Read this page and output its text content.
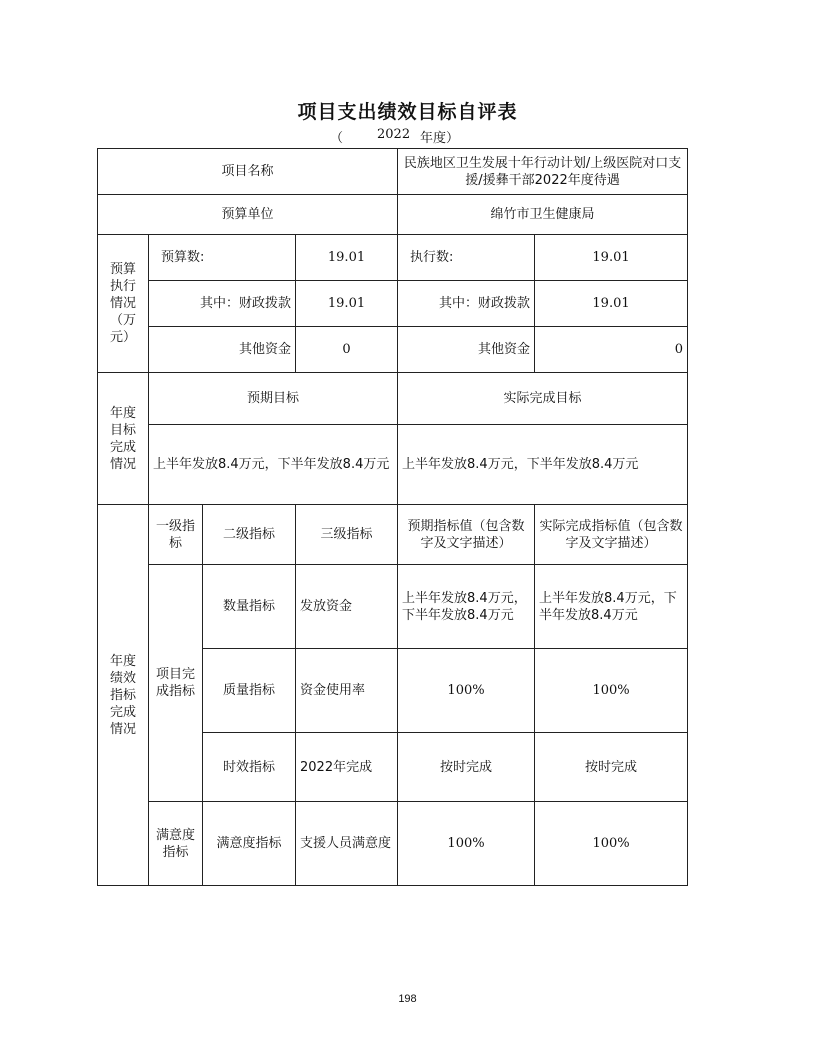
项目支出绩效目标自评表
（	2022 年度）
项目名称				民族地区卫生发展十年行动计划/上级医院对口支援/援彝干部2022年度待遇	
预算单位				绵竹市卫生健康局	
预算执行情况（万元）	预算数:		19.01	执行数:	19.01
	其中：财政拨款		19.01	其中：财政拨款	19.01
	其他资金		0	其他资金	0
年度目标完成情况	预期目标			实际完成目标	
	上半年发放8.4万元，下半年发放8.4万元			上半年发放8.4万元，下半年发放8.4万元	
年度绩效指标完成情况	一级指标	二级指标	三级指标	预期指标值（包含数字及文字描述）	实际完成指标值（包含数字及文字描述）
	项目完成指标	数量指标	发放资金	上半年发放8.4万元，下半年发放8.4万元	上半年发放8.4万元，下半年发放8.4万元
		质量指标	资金使用率	100%	100%
		时效指标	2022年完成	按时完成	按时完成
	满意度指标	满意度指标	支援人员满意度	100%	100%
198
